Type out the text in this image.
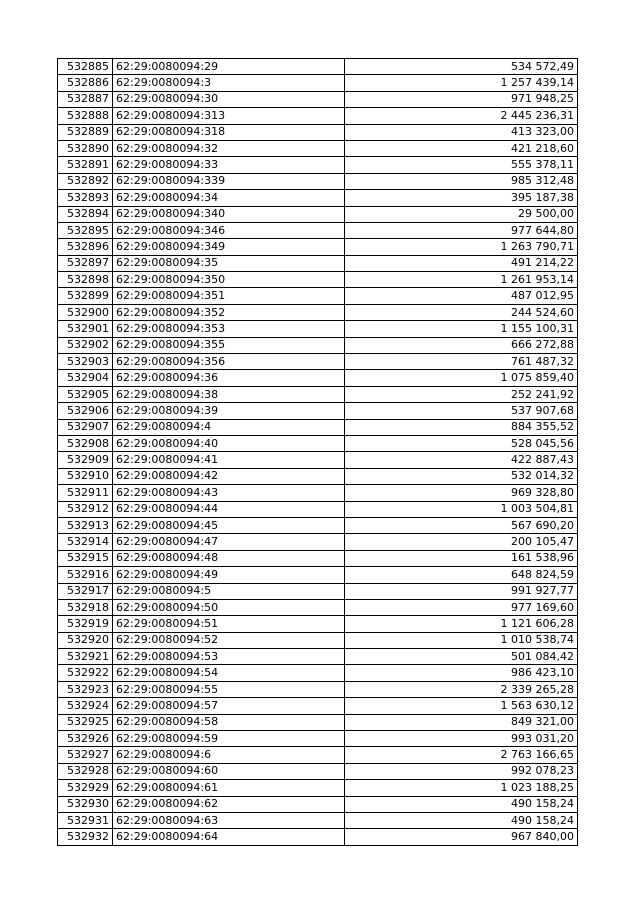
532885	62:29:0080094:29	534 572,49
532886	62:29:0080094:3	1 257 439,14
532887	62:29:0080094:30	971 948,25
532888	62:29:0080094:313	2 445 236,31
532889	62:29:0080094:318	413 323,00
532890	62:29:0080094:32	421 218,60
532891	62:29:0080094:33	555 378,11
532892	62:29:0080094:339	985 312,48
532893	62:29:0080094:34	395 187,38
532894	62:29:0080094:340	29 500,00
532895	62:29:0080094:346	977 644,80
532896	62:29:0080094:349	1 263 790,71
532897	62:29:0080094:35	491 214,22
532898	62:29:0080094:350	1 261 953,14
532899	62:29:0080094:351	487 012,95
532900	62:29:0080094:352	244 524,60
532901	62:29:0080094:353	1 155 100,31
532902	62:29:0080094:355	666 272,88
532903	62:29:0080094:356	761 487,32
532904	62:29:0080094:36	1 075 859,40
532905	62:29:0080094:38	252 241,92
532906	62:29:0080094:39	537 907,68
532907	62:29:0080094:4	884 355,52
532908	62:29:0080094:40	528 045,56
532909	62:29:0080094:41	422 887,43
532910	62:29:0080094:42	532 014,32
532911	62:29:0080094:43	969 328,80
532912	62:29:0080094:44	1 003 504,81
532913	62:29:0080094:45	567 690,20
532914	62:29:0080094:47	200 105,47
532915	62:29:0080094:48	161 538,96
532916	62:29:0080094:49	648 824,59
532917	62:29:0080094:5	991 927,77
532918	62:29:0080094:50	977 169,60
532919	62:29:0080094:51	1 121 606,28
532920	62:29:0080094:52	1 010 538,74
532921	62:29:0080094:53	501 084,42
532922	62:29:0080094:54	986 423,10
532923	62:29:0080094:55	2 339 265,28
532924	62:29:0080094:57	1 563 630,12
532925	62:29:0080094:58	849 321,00
532926	62:29:0080094:59	993 031,20
532927	62:29:0080094:6	2 763 166,65
532928	62:29:0080094:60	992 078,23
532929	62:29:0080094:61	1 023 188,25
532930	62:29:0080094:62	490 158,24
532931	62:29:0080094:63	490 158,24
532932	62:29:0080094:64	967 840,00
